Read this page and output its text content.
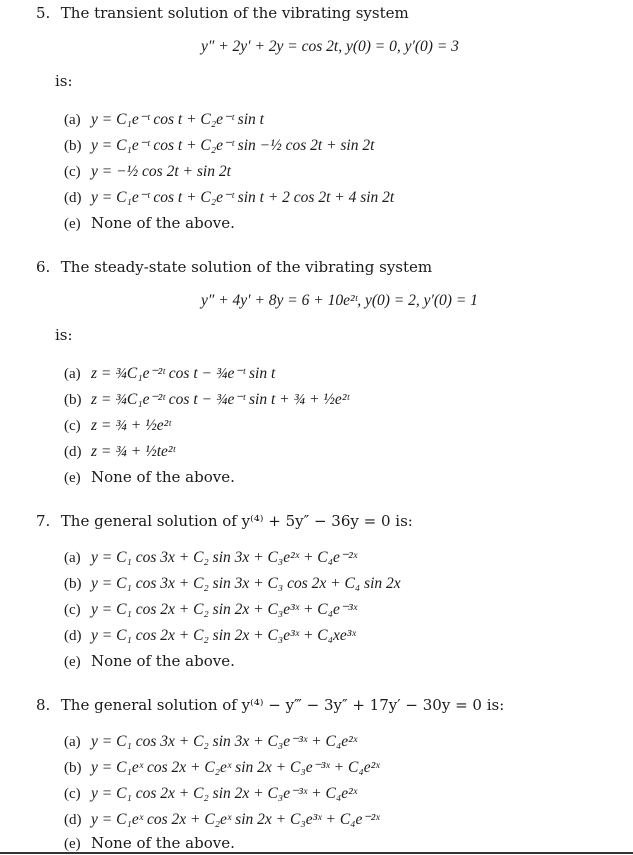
5. The transient solution of the vibrating system
y″ + 2y′ + 2y = cos 2t, y(0) = 0, y′(0) = 3
is:
(a) y = C₁e⁻ᵗ cos t + C₂e⁻ᵗ sin t
(b) y = C₁e⁻ᵗ cos t + C₂e⁻ᵗ sin −½ cos 2t + sin 2t
(c) y = −½ cos 2t + sin 2t
(d) y = C₁e⁻ᵗ cos t + C₂e⁻ᵗ sin t + 2 cos 2t + 4 sin 2t
(e) None of the above.
6. The steady-state solution of the vibrating system
y″ + 4y′ + 8y = 6 + 10e²ᵗ, y(0) = 2, y′(0) = 1
is:
(a) z = ¾C₁e⁻²ᵗ cos t − ¾e⁻ᵗ sin t
(b) z = ¾C₁e⁻²ᵗ cos t − ¾e⁻ᵗ sin t + ¾ + ½e²ᵗ
(c) z = ¾ + ½e²ᵗ
(d) z = ¾ + ½te²ᵗ
(e) None of the above.
7. The general solution of y⁽⁴⁾ + 5y″ − 36y = 0 is:
(a) y = C₁ cos 3x + C₂ sin 3x + C₃e²ˣ + C₄e⁻²ˣ
(b) y = C₁ cos 3x + C₂ sin 3x + C₃ cos 2x + C₄ sin 2x
(c) y = C₁ cos 2x + C₂ sin 2x + C₃e³ˣ + C₄e⁻³ˣ
(d) y = C₁ cos 2x + C₂ sin 2x + C₃e³ˣ + C₄xe³ˣ
(e) None of the above.
8. The general solution of y⁽⁴⁾ − y‴ − 3y″ + 17y′ − 30y = 0 is:
(a) y = C₁ cos 3x + C₂ sin 3x + C₃e⁻³ˣ + C₄e²ˣ
(b) y = C₁eˣ cos 2x + C₂eˣ sin 2x + C₃e⁻³ˣ + C₄e²ˣ
(c) y = C₁ cos 2x + C₂ sin 2x + C₃e⁻³ˣ + C₄e²ˣ
(d) y = C₁eˣ cos 2x + C₂eˣ sin 2x + C₃e³ˣ + C₄e⁻²ˣ
(e) None of the above.
